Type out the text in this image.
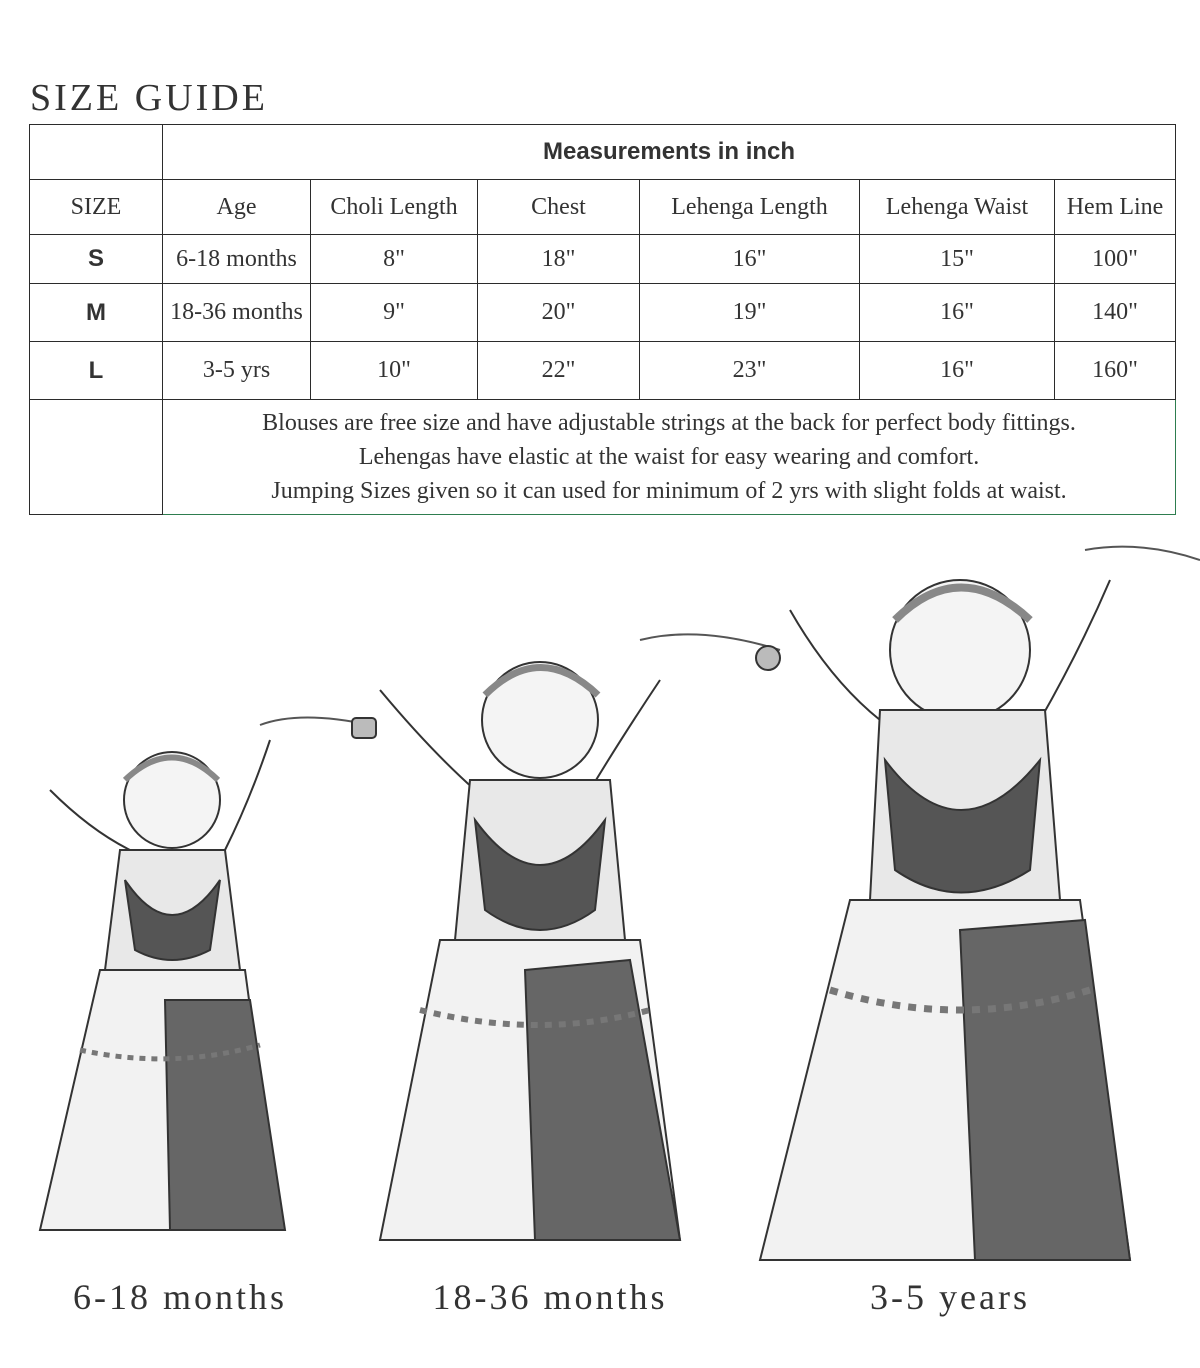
SIZE GUIDE
	Measurements in inch					
SIZE	Age	Choli Length	Chest	Lehenga Length	Lehenga Waist	Hem Line
S	6-18 months	8"	18"	16"	15"	100"
M	18-36 months	9"	20"	19"	16"	140"
L	3-5 yrs	10"	22"	23"	16"	160"

	Blouses are free size and have adjustable strings at the back for perfect body fittings.
Lehengas have elastic at the waist for easy wearing and comfort.
Jumping Sizes given so it can used for minimum of 2 yrs with slight folds at waist.					
6-18 months	18-36 months	3-5 years
